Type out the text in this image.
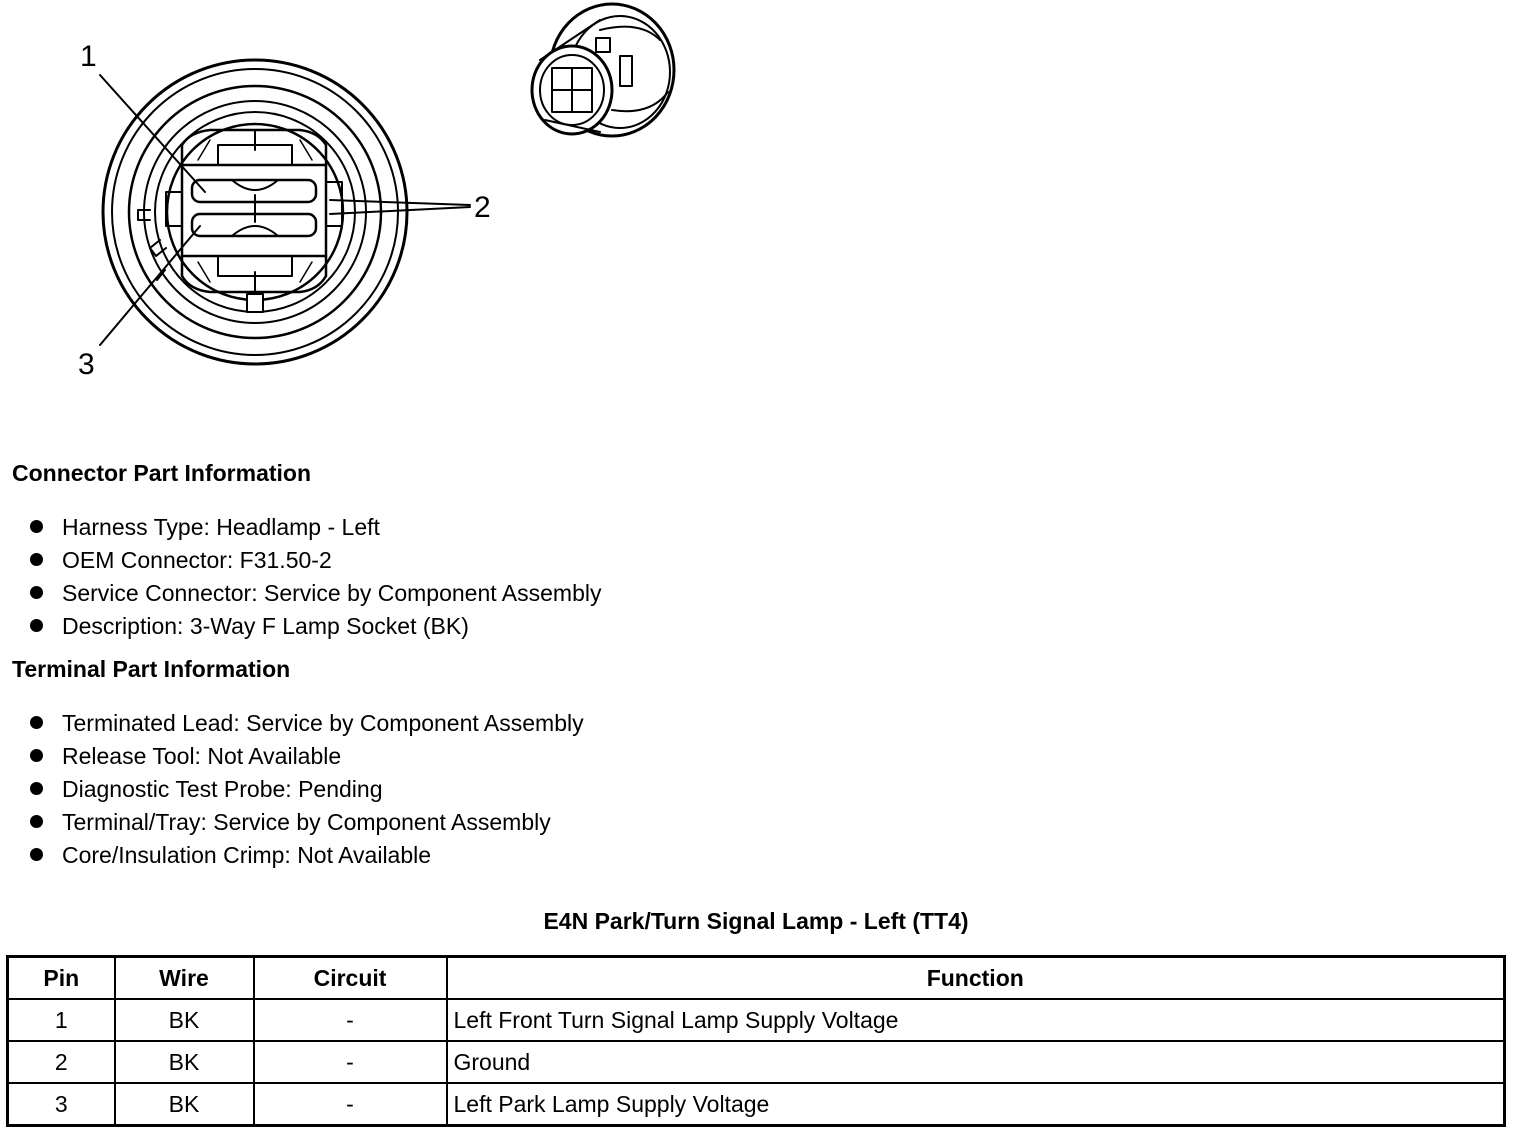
1
2
3
Connector Part Information
Harness Type: Headlamp - Left
OEM Connector: F31.50-2
Service Connector: Service by Component Assembly
Description: 3-Way F Lamp Socket (BK)
Terminal Part Information
Terminated Lead: Service by Component Assembly
Release Tool: Not Available
Diagnostic Test Probe: Pending
Terminal/Tray: Service by Component Assembly
Core/Insulation Crimp: Not Available
E4N Park/Turn Signal Lamp - Left (TT4)
Pin	Wire	Circuit	Function
1	BK	-	Left Front Turn Signal Lamp Supply Voltage
2	BK	-	Ground
3	BK	-	Left Park Lamp Supply Voltage
